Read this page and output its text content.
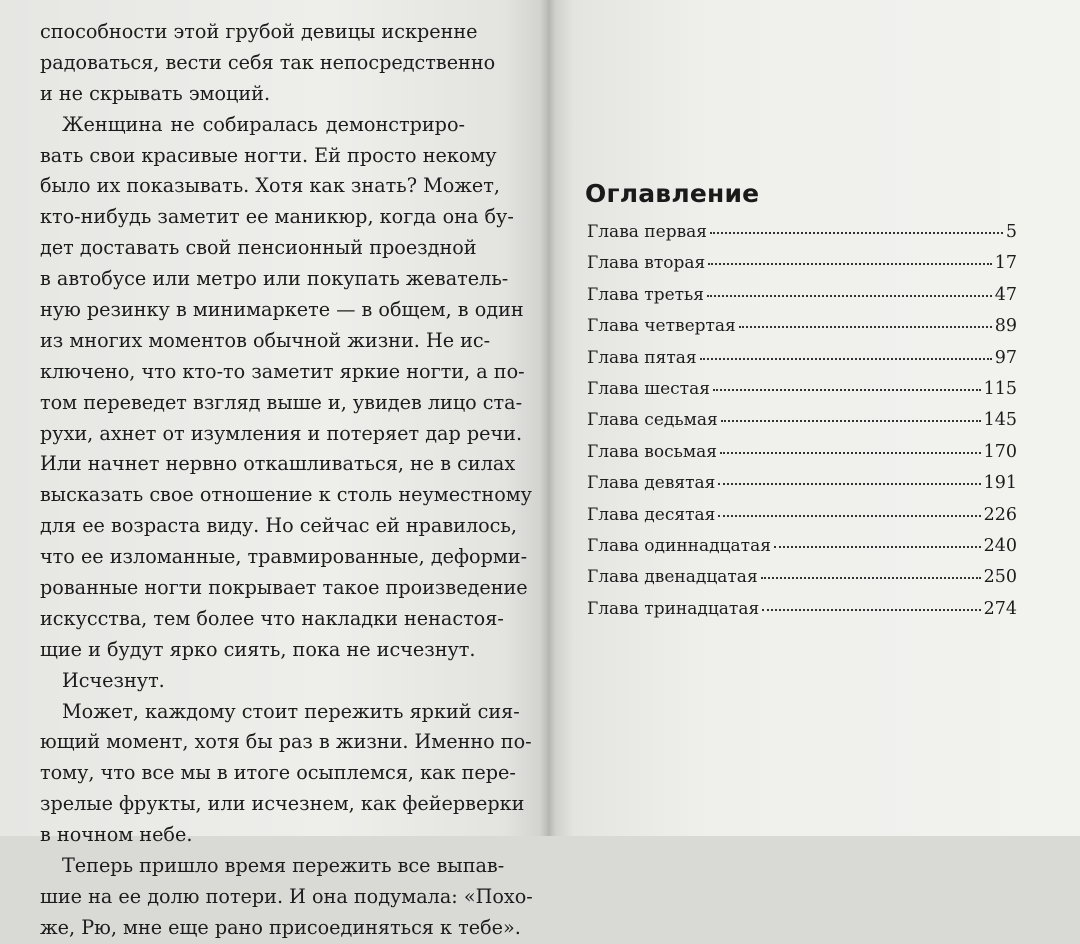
способности этой грубой девицы искренне
радоваться, вести себя так непосредственно
и не скрывать эмоций.
Женщина не собиралась демонстриро-
вать свои красивые ногти. Ей просто некому
было их показывать. Хотя как знать? Может,
кто-нибудь заметит ее маникюр, когда она бу-
дет доставать свой пенсионный проездной
в автобусе или метро или покупать жеватель-
ную резинку в минимаркете — в общем, в один
из многих моментов обычной жизни. Не ис-
ключено, что кто-то заметит яркие ногти, а по-
том переведет взгляд выше и, увидев лицо ста-
рухи, ахнет от изумления и потеряет дар речи.
Или начнет нервно откашливаться, не в силах
высказать свое отношение к столь неуместному
для ее возраста виду. Но сейчас ей нравилось,
что ее изломанные, травмированные, деформи-
рованные ногти покрывает такое произведение
искусства, тем более что накладки ненастоя-
щие и будут ярко сиять, пока не исчезнут.
Исчезнут.
Может, каждому стоит пережить яркий сия-
ющий момент, хотя бы раз в жизни. Именно по-
тому, что все мы в итоге осыплемся, как пере-
зрелые фрукты, или исчезнем, как фейерверки
в ночном небе.
Теперь пришло время пережить все выпав-
шие на ее долю потери. И она подумала: «Похо-
же, Рю, мне еще рано присоединяться к тебе».
Оглавление
Глава первая	5
Глава вторая	17
Глава третья	47
Глава четвертая	89
Глава пятая	97
Глава шестая	115
Глава седьмая	145
Глава восьмая	170
Глава девятая	191
Глава десятая	226
Глава одиннадцатая	240
Глава двенадцатая	250
Глава тринадцатая	274
